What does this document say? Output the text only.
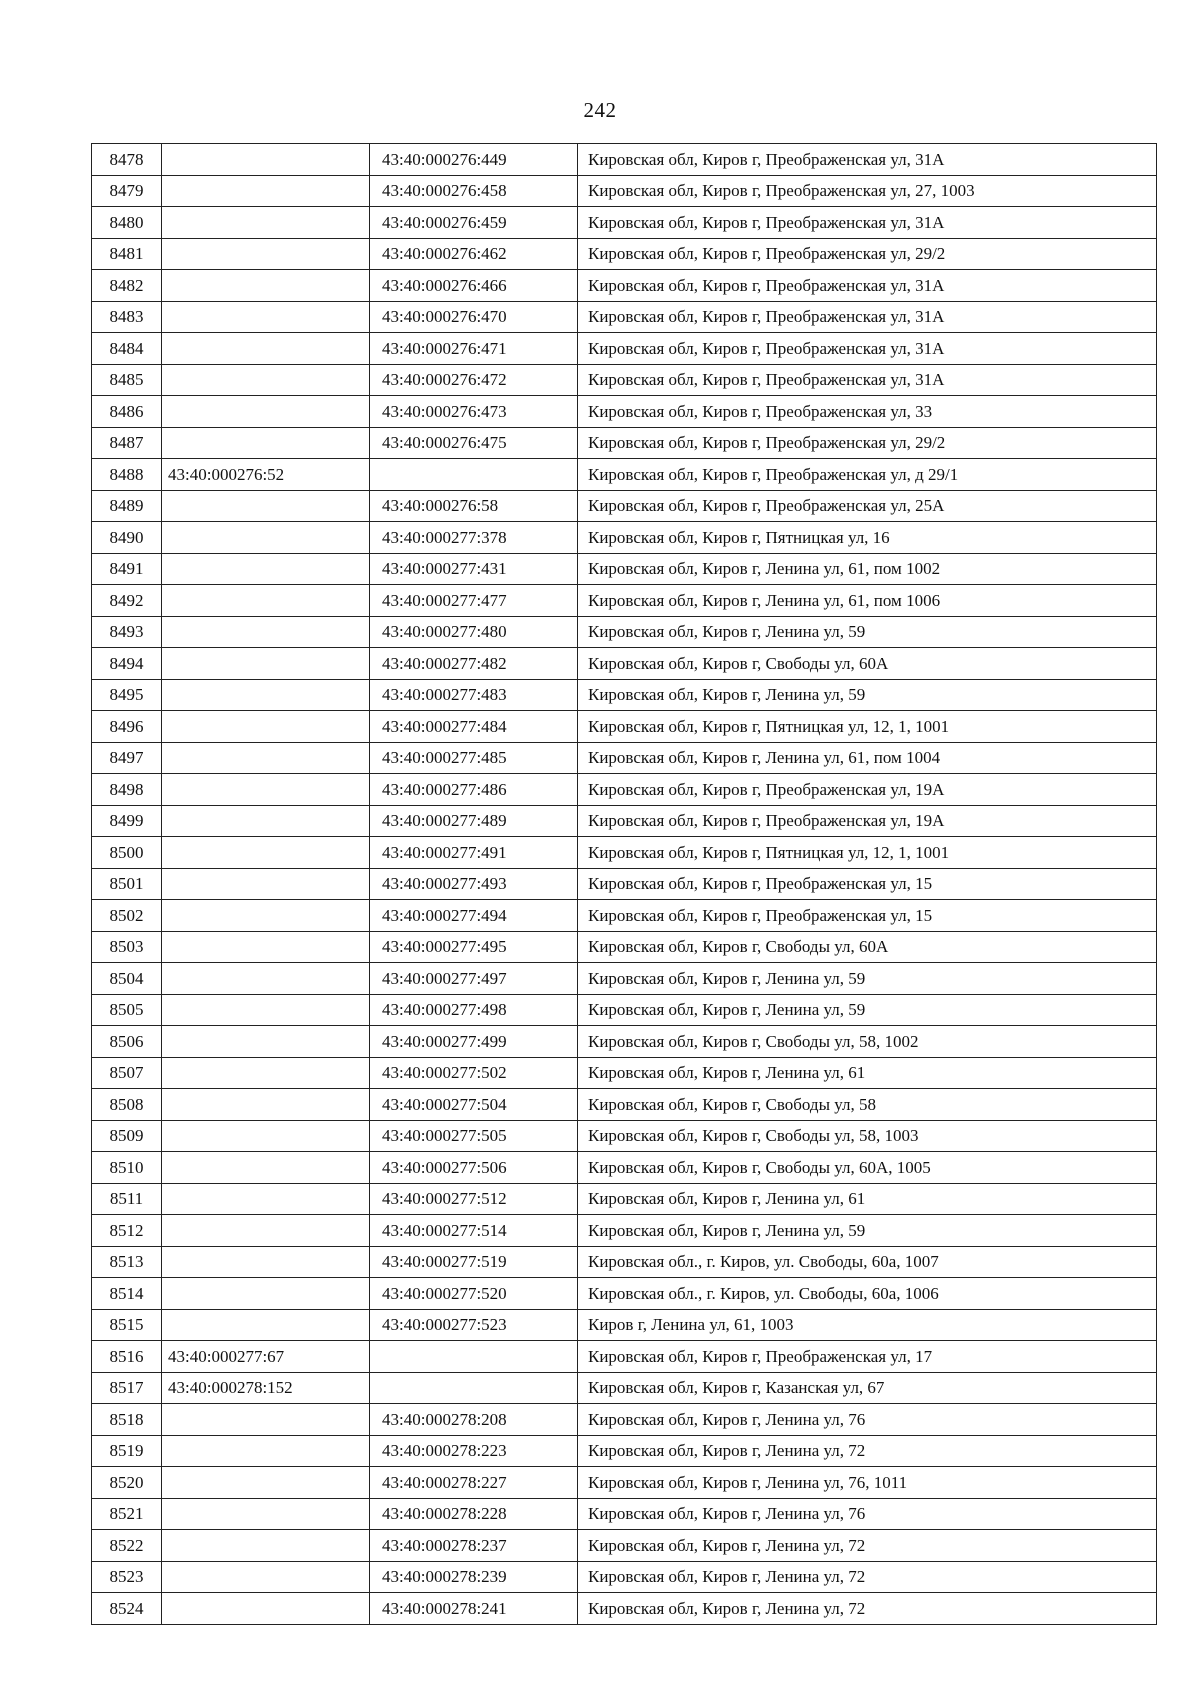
242
8478		43:40:000276:449	Кировская обл, Киров г, Преображенская ул, 31А
8479		43:40:000276:458	Кировская обл, Киров г, Преображенская ул, 27, 1003
8480		43:40:000276:459	Кировская обл, Киров г, Преображенская ул, 31А
8481		43:40:000276:462	Кировская обл, Киров г, Преображенская ул, 29/2
8482		43:40:000276:466	Кировская обл, Киров г, Преображенская ул, 31А
8483		43:40:000276:470	Кировская обл, Киров г, Преображенская ул, 31А
8484		43:40:000276:471	Кировская обл, Киров г, Преображенская ул, 31А
8485		43:40:000276:472	Кировская обл, Киров г, Преображенская ул, 31А
8486		43:40:000276:473	Кировская обл, Киров г, Преображенская ул, 33
8487		43:40:000276:475	Кировская обл, Киров г, Преображенская ул, 29/2
8488	43:40:000276:52		Кировская обл, Киров г, Преображенская ул, д 29/1
8489		43:40:000276:58	Кировская обл, Киров г, Преображенская ул, 25А
8490		43:40:000277:378	Кировская обл, Киров г, Пятницкая ул, 16
8491		43:40:000277:431	Кировская обл, Киров г, Ленина ул, 61, пом 1002
8492		43:40:000277:477	Кировская обл, Киров г, Ленина ул, 61, пом 1006
8493		43:40:000277:480	Кировская обл, Киров г, Ленина ул, 59
8494		43:40:000277:482	Кировская обл, Киров г, Свободы ул, 60А
8495		43:40:000277:483	Кировская обл, Киров г, Ленина ул, 59
8496		43:40:000277:484	Кировская обл, Киров г, Пятницкая ул, 12, 1, 1001
8497		43:40:000277:485	Кировская обл, Киров г, Ленина ул, 61, пом 1004
8498		43:40:000277:486	Кировская обл, Киров г, Преображенская ул, 19А
8499		43:40:000277:489	Кировская обл, Киров г, Преображенская ул, 19А
8500		43:40:000277:491	Кировская обл, Киров г, Пятницкая ул, 12, 1, 1001
8501		43:40:000277:493	Кировская обл, Киров г, Преображенская ул, 15
8502		43:40:000277:494	Кировская обл, Киров г, Преображенская ул, 15
8503		43:40:000277:495	Кировская обл, Киров г, Свободы ул, 60А
8504		43:40:000277:497	Кировская обл, Киров г, Ленина ул, 59
8505		43:40:000277:498	Кировская обл, Киров г, Ленина ул, 59
8506		43:40:000277:499	Кировская обл, Киров г, Свободы ул, 58, 1002
8507		43:40:000277:502	Кировская обл, Киров г, Ленина ул, 61
8508		43:40:000277:504	Кировская обл, Киров г, Свободы ул, 58
8509		43:40:000277:505	Кировская обл, Киров г, Свободы ул, 58, 1003
8510		43:40:000277:506	Кировская обл, Киров г, Свободы ул, 60А, 1005
8511		43:40:000277:512	Кировская обл, Киров г, Ленина ул, 61
8512		43:40:000277:514	Кировская обл, Киров г, Ленина ул, 59
8513		43:40:000277:519	Кировская обл., г. Киров, ул. Свободы, 60а, 1007
8514		43:40:000277:520	Кировская обл., г. Киров, ул. Свободы, 60а, 1006
8515		43:40:000277:523	Киров г, Ленина ул, 61, 1003
8516	43:40:000277:67		Кировская обл, Киров г, Преображенская ул, 17
8517	43:40:000278:152		Кировская обл, Киров г, Казанская ул, 67
8518		43:40:000278:208	Кировская обл, Киров г, Ленина ул, 76
8519		43:40:000278:223	Кировская обл, Киров г, Ленина ул, 72
8520		43:40:000278:227	Кировская обл, Киров г, Ленина ул, 76, 1011
8521		43:40:000278:228	Кировская обл, Киров г, Ленина ул, 76
8522		43:40:000278:237	Кировская обл, Киров г, Ленина ул, 72
8523		43:40:000278:239	Кировская обл, Киров г, Ленина ул, 72
8524		43:40:000278:241	Кировская обл, Киров г, Ленина ул, 72
